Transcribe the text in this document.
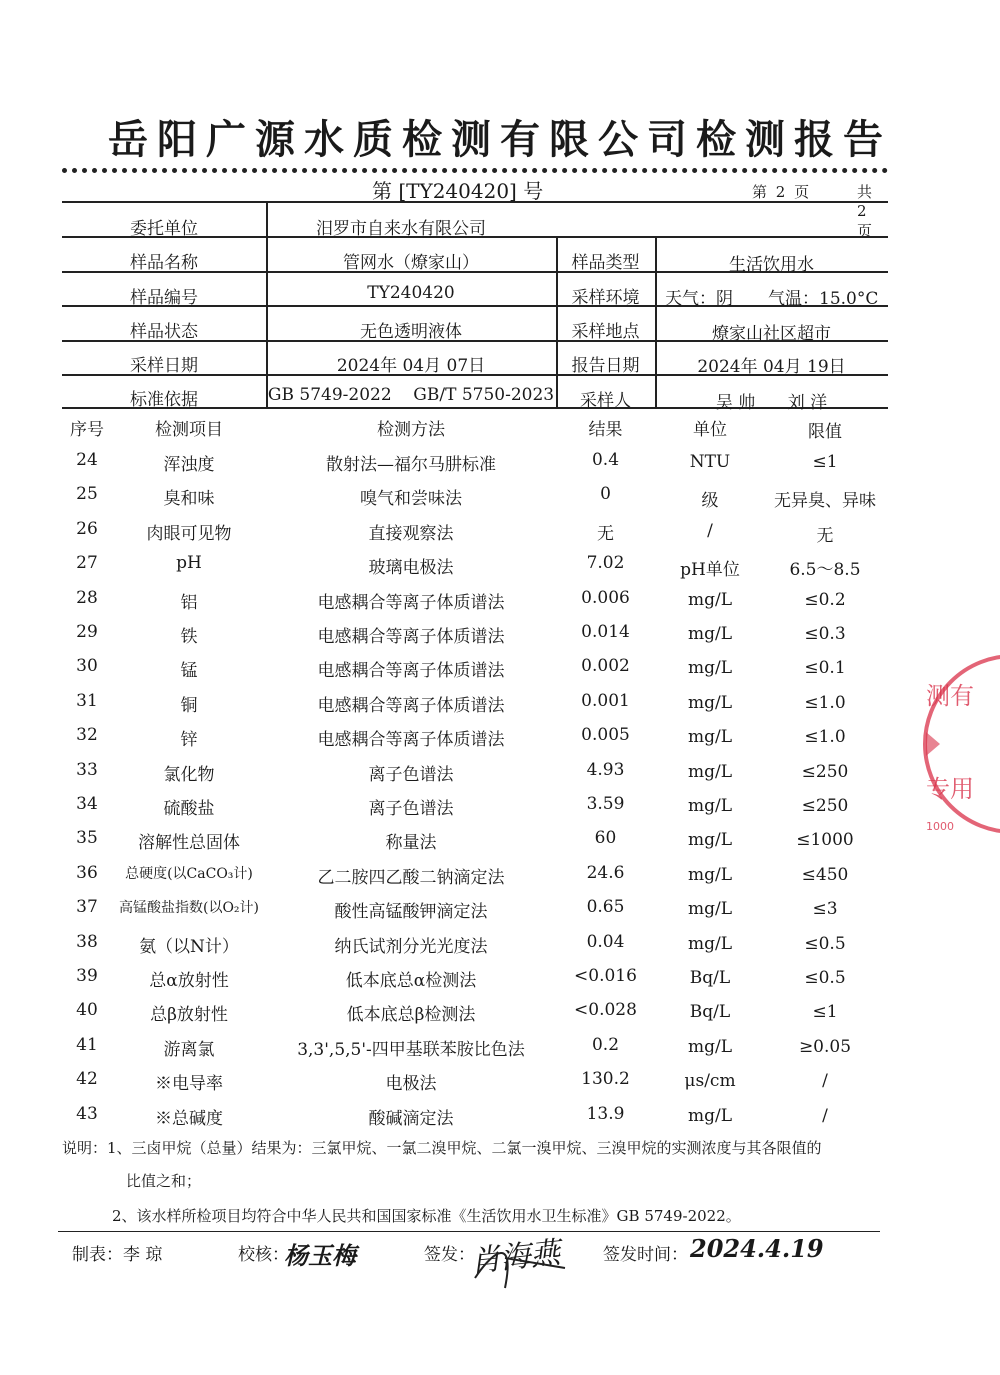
岳阳广源水质检测有限公司检测报告
第 [TY240420] 号	第 2 页	共 2 页
委托单位	汨罗市自来水有限公司
样品名称	管网水（燎家山）	样品类型	生活饮用水
样品编号	TY240420	采样环境	天气：阴	气温：15.0°C
样品状态	无色透明液体	采样地点	燎家山社区超市
采样日期	2024年 04月 07日	报告日期	2024年 04月 19日
标准依据	GB 5749-2022    GB/T 5750-2023	采样人	吴 帅      刘 洋
序号	检测项目	检测方法	结果	单位	限值
24	浑浊度	散射法—福尔马肼标准	0.4	NTU	≤1
25	臭和味	嗅气和尝味法	0	级	无异臭、异味
26	肉眼可见物	直接观察法	无	/	无
27	pH	玻璃电极法	7.02	pH单位	6.5～8.5
28	铝	电感耦合等离子体质谱法	0.006	mg/L	≤0.2
29	铁	电感耦合等离子体质谱法	0.014	mg/L	≤0.3
30	锰	电感耦合等离子体质谱法	0.002	mg/L	≤0.1
31	铜	电感耦合等离子体质谱法	0.001	mg/L	≤1.0
32	锌	电感耦合等离子体质谱法	0.005	mg/L	≤1.0
33	氯化物	离子色谱法	4.93	mg/L	≤250
34	硫酸盐	离子色谱法	3.59	mg/L	≤250
35	溶解性总固体	称量法	60	mg/L	≤1000
36	总硬度(以CaCO₃计)	乙二胺四乙酸二钠滴定法	24.6	mg/L	≤450
37	高锰酸盐指数(以O₂计)	酸性高锰酸钾滴定法	0.65	mg/L	≤3
38	氨（以N计）	纳氏试剂分光光度法	0.04	mg/L	≤0.5
39	总α放射性	低本底总α检测法	<0.016	Bq/L	≤0.5
40	总β放射性	低本底总β检测法	<0.028	Bq/L	≤1
41	游离氯	3,3',5,5'-四甲基联苯胺比色法	0.2	mg/L	≥0.05
42	※电导率	电极法	130.2	μs/cm	/
43	※总碱度	酸碱滴定法	13.9	mg/L	/
说明：1、三卤甲烷（总量）结果为：三氯甲烷、一氯二溴甲烷、二氯一溴甲烷、三溴甲烷的实测浓度与其各限值的
比值之和；
2、该水样所检项目均符合中华人民共和国国家标准《生活饮用水卫生标准》GB 5749-2022。
制表：李 琼	校核：
杨玉梅	签发：
肖海燕 签发时间： 2024.4.19
测有
专用
1000
